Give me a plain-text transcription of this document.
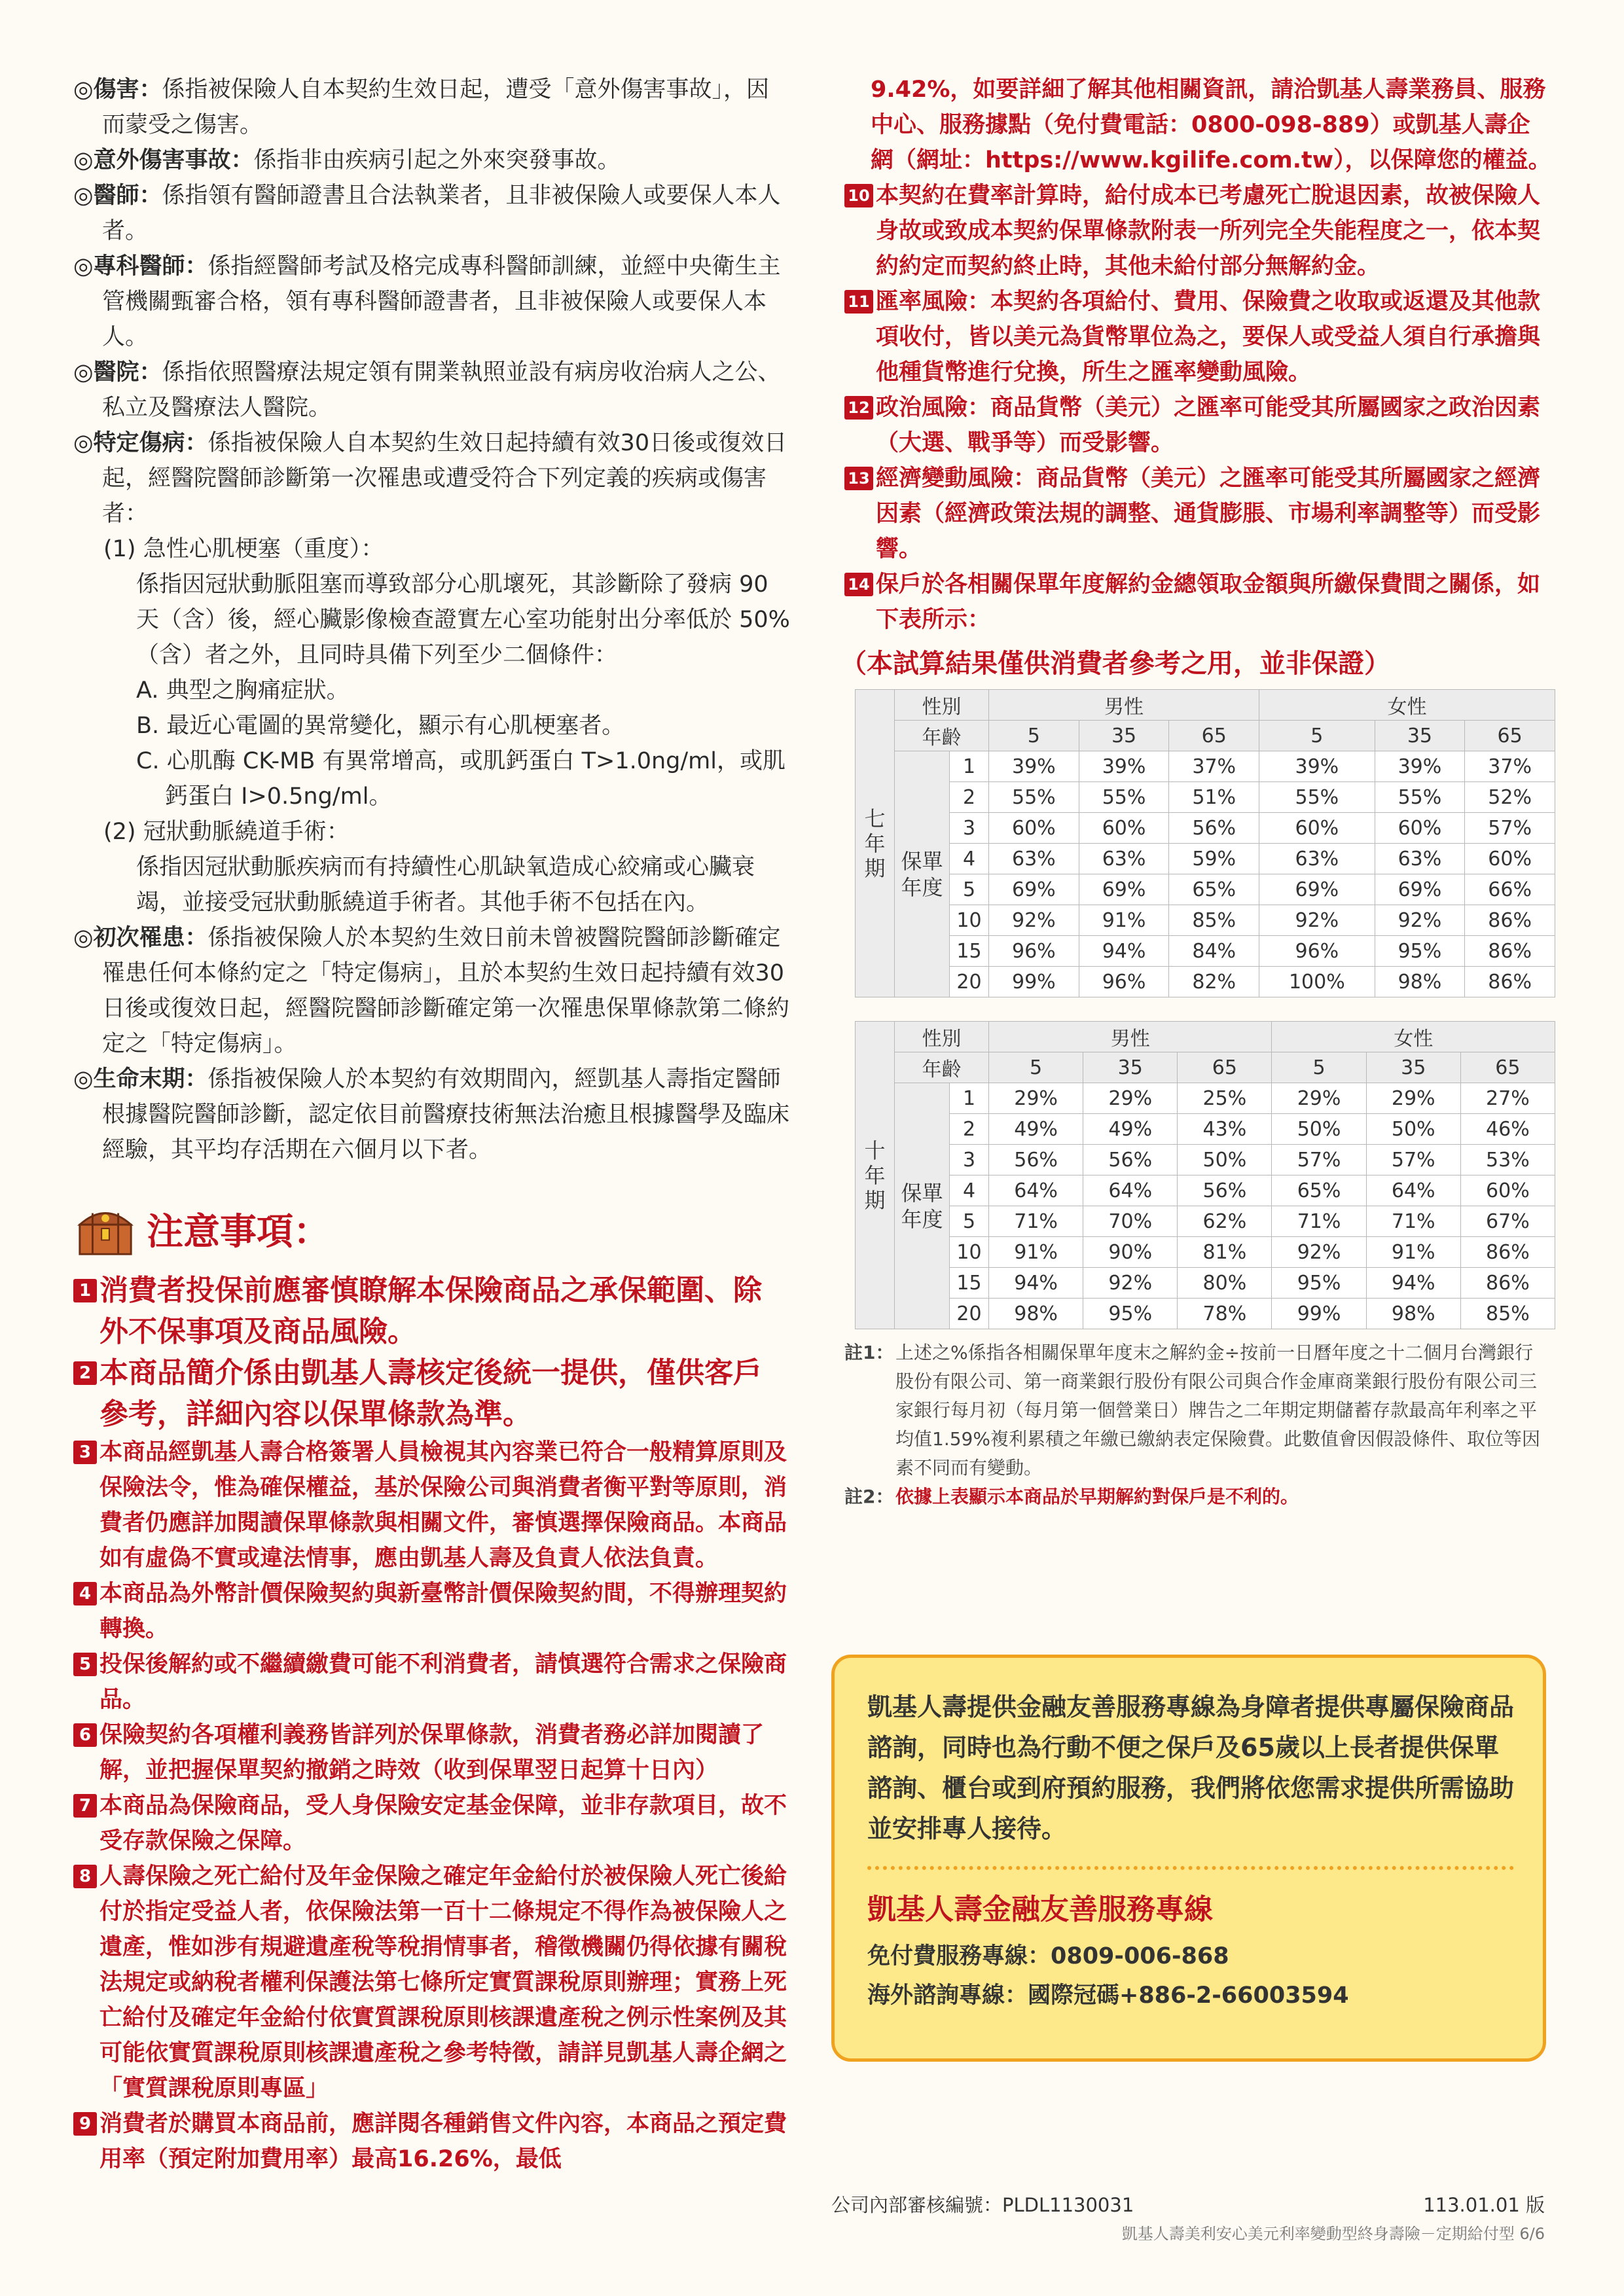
◎傷害：係指被保險人自本契約生效日起，遭受「意外傷害事故」，因而蒙受之傷害。
◎意外傷害事故：係指非由疾病引起之外來突發事故。
◎醫師：係指領有醫師證書且合法執業者，且非被保險人或要保人本人者。
◎專科醫師：係指經醫師考試及格完成專科醫師訓練，並經中央衛生主管機關甄審合格，領有專科醫師證書者，且非被保險人或要保人本人。
◎醫院：係指依照醫療法規定領有開業執照並設有病房收治病人之公、私立及醫療法人醫院。
◎特定傷病：係指被保險人自本契約生效日起持續有效30日後或復效日起，經醫院醫師診斷第一次罹患或遭受符合下列定義的疾病或傷害者：
(1) 急性心肌梗塞（重度）：
係指因冠狀動脈阻塞而導致部分心肌壞死，其診斷除了發病 90 天（含）後，經心臟影像檢查證實左心室功能射出分率低於 50%（含）者之外，且同時具備下列至少二個條件：
A. 典型之胸痛症狀。
B. 最近心電圖的異常變化，顯示有心肌梗塞者。
C. 心肌酶 CK-MB 有異常增高，或肌鈣蛋白 T>1.0ng/ml，或肌鈣蛋白 I>0.5ng/ml。
(2) 冠狀動脈繞道手術：
係指因冠狀動脈疾病而有持續性心肌缺氧造成心絞痛或心臟衰竭，並接受冠狀動脈繞道手術者。其他手術不包括在內。
◎初次罹患：係指被保險人於本契約生效日前未曾被醫院醫師診斷確定罹患任何本條約定之「特定傷病」，且於本契約生效日起持續有效30日後或復效日起，經醫院醫師診斷確定第一次罹患保單條款第二條約定之「特定傷病」。
◎生命末期：係指被保險人於本契約有效期間內，經凱基人壽指定醫師根據醫院醫師診斷，認定依目前醫療技術無法治癒且根據醫學及臨床經驗，其平均存活期在六個月以下者。
注意事項：
1 消費者投保前應審慎瞭解本保險商品之承保範圍、除外不保事項及商品風險。
2 本商品簡介係由凱基人壽核定後統一提供，僅供客戶參考，詳細內容以保單條款為準。
3 本商品經凱基人壽合格簽署人員檢視其內容業已符合一般精算原則及保險法令，惟為確保權益，基於保險公司與消費者衡平對等原則，消費者仍應詳加閱讀保單條款與相關文件，審慎選擇保險商品。本商品如有虛偽不實或違法情事，應由凱基人壽及負責人依法負責。
4 本商品為外幣計價保險契約與新臺幣計價保險契約間，不得辦理契約轉換。
5 投保後解約或不繼續繳費可能不利消費者，請慎選符合需求之保險商品。
6 保險契約各項權利義務皆詳列於保單條款，消費者務必詳加閱讀了解，並把握保單契約撤銷之時效（收到保單翌日起算十日內）
7 本商品為保險商品，受人身保險安定基金保障，並非存款項目，故不受存款保險之保障。
8 人壽保險之死亡給付及年金保險之確定年金給付於被保險人死亡後給付於指定受益人者，依保險法第一百十二條規定不得作為被保險人之遺產，惟如涉有規避遺產稅等稅捐情事者，稽徵機關仍得依據有關稅法規定或納稅者權利保護法第七條所定實質課稅原則辦理；實務上死亡給付及確定年金給付依實質課稅原則核課遺產稅之例示性案例及其可能依實質課稅原則核課遺產稅之參考特徵，請詳見凱基人壽企網之「實質課稅原則專區」
9 消費者於購買本商品前，應詳閱各種銷售文件內容，本商品之預定費用率（預定附加費用率）最高16.26%，最低
9.42%，如要詳細了解其他相關資訊，請洽凱基人壽業務員、服務中心、服務據點（免付費電話：0800-098-889）或凱基人壽企網（網址：https://www.kgilife.com.tw），以保障您的權益。
10 本契約在費率計算時，給付成本已考慮死亡脫退因素，故被保險人身故或致成本契約保單條款附表一所列完全失能程度之一，依本契約約定而契約終止時，其他未給付部分無解約金。
11 匯率風險：本契約各項給付、費用、保險費之收取或返還及其他款項收付，皆以美元為貨幣單位為之，要保人或受益人須自行承擔與他種貨幣進行兌換，所生之匯率變動風險。
12 政治風險：商品貨幣（美元）之匯率可能受其所屬國家之政治因素（大選、戰爭等）而受影響。
13 經濟變動風險：商品貨幣（美元）之匯率可能受其所屬國家之經濟因素（經濟政策法規的調整、通貨膨脹、市場利率調整等）而受影響。
14 保戶於各相關保單年度解約金總領取金額與所繳保費間之關係，如下表所示：
（本試算結果僅供消費者參考之用，並非保證）
七
年
期	性別		男性			女性		
	年齡		5	35	65	5	35	65
	保單
年度	1	39%	39%	37%	39%	39%	37%
		2	55%	55%	51%	55%	55%	52%
		3	60%	60%	56%	60%	60%	57%
		4	63%	63%	59%	63%	63%	60%
		5	69%	69%	65%	69%	69%	66%
		10	92%	91%	85%	92%	92%	86%
		15	96%	94%	84%	96%	95%	86%
		20	99%	96%	82%	100%	98%	86%
十
年
期	性別		男性			女性		
	年齡		5	35	65	5	35	65
	保單
年度	1	29%	29%	25%	29%	29%	27%
		2	49%	49%	43%	50%	50%	46%
		3	56%	56%	50%	57%	57%	53%
		4	64%	64%	56%	65%	64%	60%
		5	71%	70%	62%	71%	71%	67%
		10	91%	90%	81%	92%	91%	86%
		15	94%	92%	80%	95%	94%	86%
		20	98%	95%	78%	99%	98%	85%
註1： 上述之%係指各相關保單年度末之解約金÷按前一日曆年度之十二個月台灣銀行股份有限公司、第一商業銀行股份有限公司與合作金庫商業銀行股份有限公司三家銀行每月初（每月第一個營業日）牌告之二年期定期儲蓄存款最高年利率之平均值1.59%複利累積之年繳已繳納表定保險費。此數值會因假設條件、取位等因素不同而有變動。
註2： 依據上表顯示本商品於早期解約對保戶是不利的。
凱基人壽提供金融友善服務專線為身障者提供專屬保險商品諮詢，同時也為行動不便之保戶及65歲以上長者提供保單諮詢、櫃台或到府預約服務，我們將依您需求提供所需協助並安排專人接待。
凱基人壽金融友善服務專線
免付費服務專線：0809-006-868
海外諮詢專線：國際冠碼+886-2-66003594
公司內部審核編號：PLDL1130031	113.01.01 版
凱基人壽美利安心美元利率變動型終身壽險－定期給付型 6/6
